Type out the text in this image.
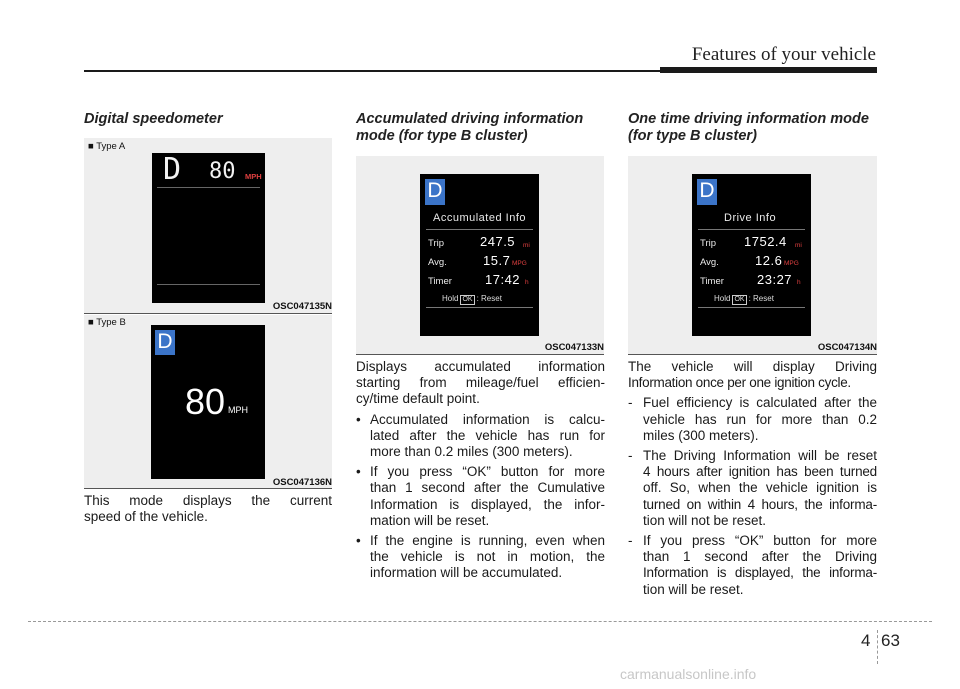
Features of your vehicle
Digital speedometer
■ Type A
D 80 MPH
OSC047135N
■ Type B
D
80 MPH
OSC047136N
This mode displays the current
speed of the vehicle.
Accumulated driving information
mode (for type B cluster)
D
Accumulated Info
Trip	247.5 mi
Avg.	15.7 MPG
Timer	17:42 h
Hold OK : Reset
OSC047133N

Displays accumulated information
starting from mileage/fuel efficien-
cy/time default point.

• Accumulated information is calcu-
lated after the vehicle has run for
more than 0.2 miles (300 meters).
• If you press “OK” button for more
than 1 second after the Cumulative
Information is displayed, the infor-
mation will be reset.
• If the engine is running, even when
the vehicle is not in motion, the
information will be accumulated.
One time driving information mode
(for type B cluster)
D
Drive Info
Trip 1752.4 mi
Avg.	12.6 MPG
Timer	23:27 h
Hold OK : Reset
OSC047134N

The vehicle will display Driving
Information once per one ignition cycle.

- Fuel efficiency is calculated after the
vehicle has run for more than 0.2
miles (300 meters).
- The Driving Information will be reset
4 hours after ignition has been turned
off. So, when the vehicle ignition is
turned on within 4 hours, the informa-
tion will not be reset.
- If you press “OK” button for more
than 1 second after the Driving
Information is displayed, the informa-
tion will be reset.
4 63
carmanualsonline.info
